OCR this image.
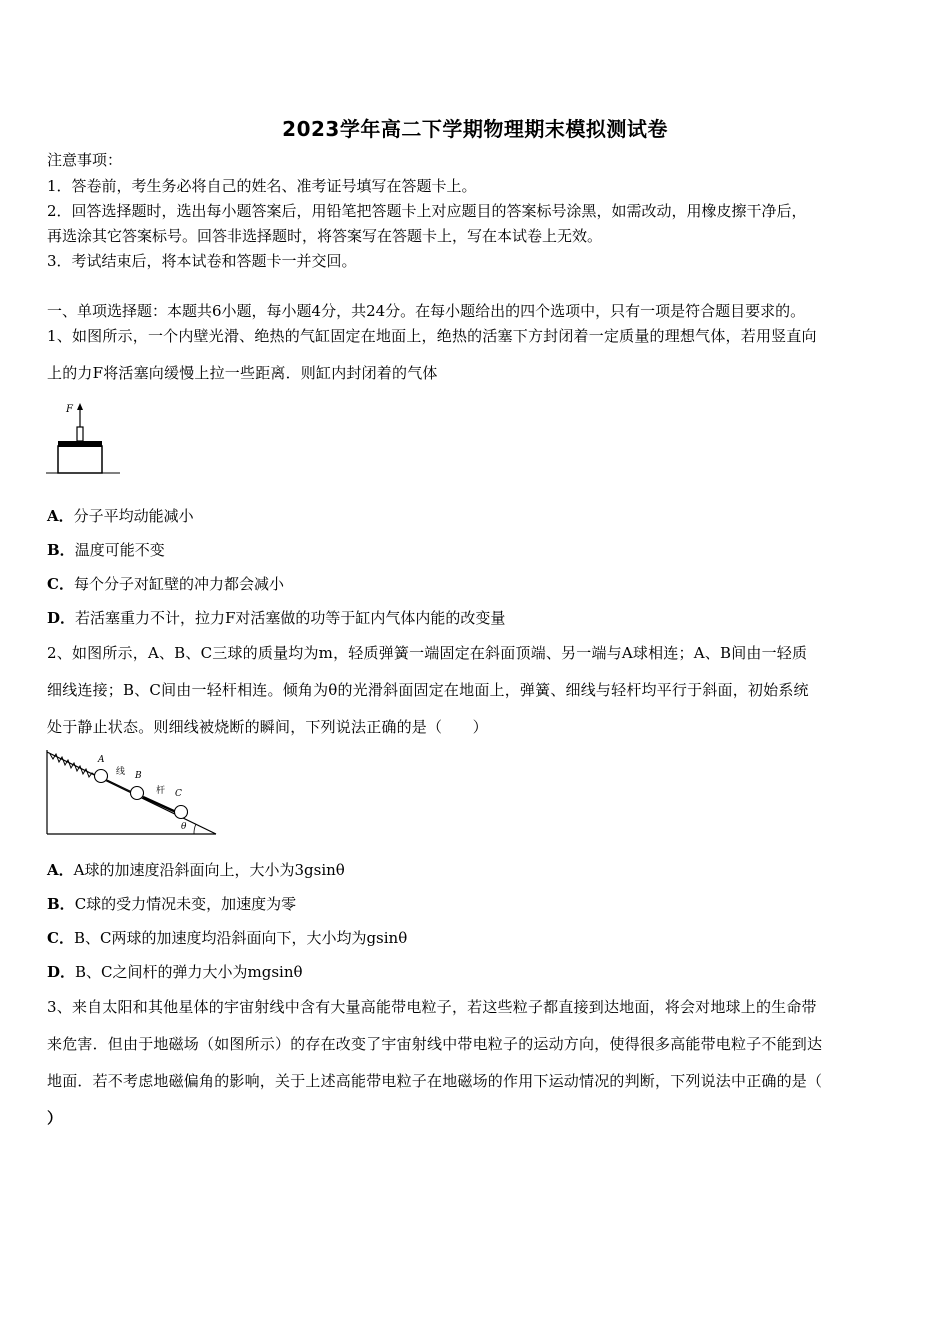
2023学年高二下学期物理期末模拟测试卷
注意事项：
1．答卷前，考生务必将自己的姓名、准考证号填写在答题卡上。
2．回答选择题时，选出每小题答案后，用铅笔把答题卡上对应题目的答案标号涂黑，如需改动，用橡皮擦干净后，
再选涂其它答案标号。回答非选择题时，将答案写在答题卡上，写在本试卷上无效。
3．考试结束后，将本试卷和答题卡一并交回。
一、单项选择题：本题共6小题，每小题4分，共24分。在每小题给出的四个选项中，只有一项是符合题目要求的。
1、如图所示，一个内壁光滑、绝热的气缸固定在地面上，绝热的活塞下方封闭着一定质量的理想气体，若用竖直向
上的力F将活塞向缓慢上拉一些距离．则缸内封闭着的气体
F
A．分子平均动能减小
B．温度可能不变
C．每个分子对缸壁的冲力都会减小
D．若活塞重力不计，拉力F对活塞做的功等于缸内气体内能的改变量
2、如图所示，A、B、C三球的质量均为m，轻质弹簧一端固定在斜面顶端、另一端与A球相连；A、B间由一轻质
细线连接；B、C间由一轻杆相连。倾角为θ的光滑斜面固定在地面上，弹簧、细线与轻杆均平行于斜面，初始系统
处于静止状态。则细线被烧断的瞬间，下列说法正确的是（　　）
A
线 B
杆 C
θ
A．A球的加速度沿斜面向上，大小为3gsinθ
B．C球的受力情况未变，加速度为零
C．B、C两球的加速度均沿斜面向下，大小均为gsinθ
D．B、C之间杆的弹力大小为mgsinθ
3、来自太阳和其他星体的宇宙射线中含有大量高能带电粒子，若这些粒子都直接到达地面，将会对地球上的生命带
来危害．但由于地磁场（如图所示）的存在改变了宇宙射线中带电粒子的运动方向，使得很多高能带电粒子不能到达
地面．若不考虑地磁偏角的影响，关于上述高能带电粒子在地磁场的作用下运动情况的判断，下列说法中正确的是（
）
